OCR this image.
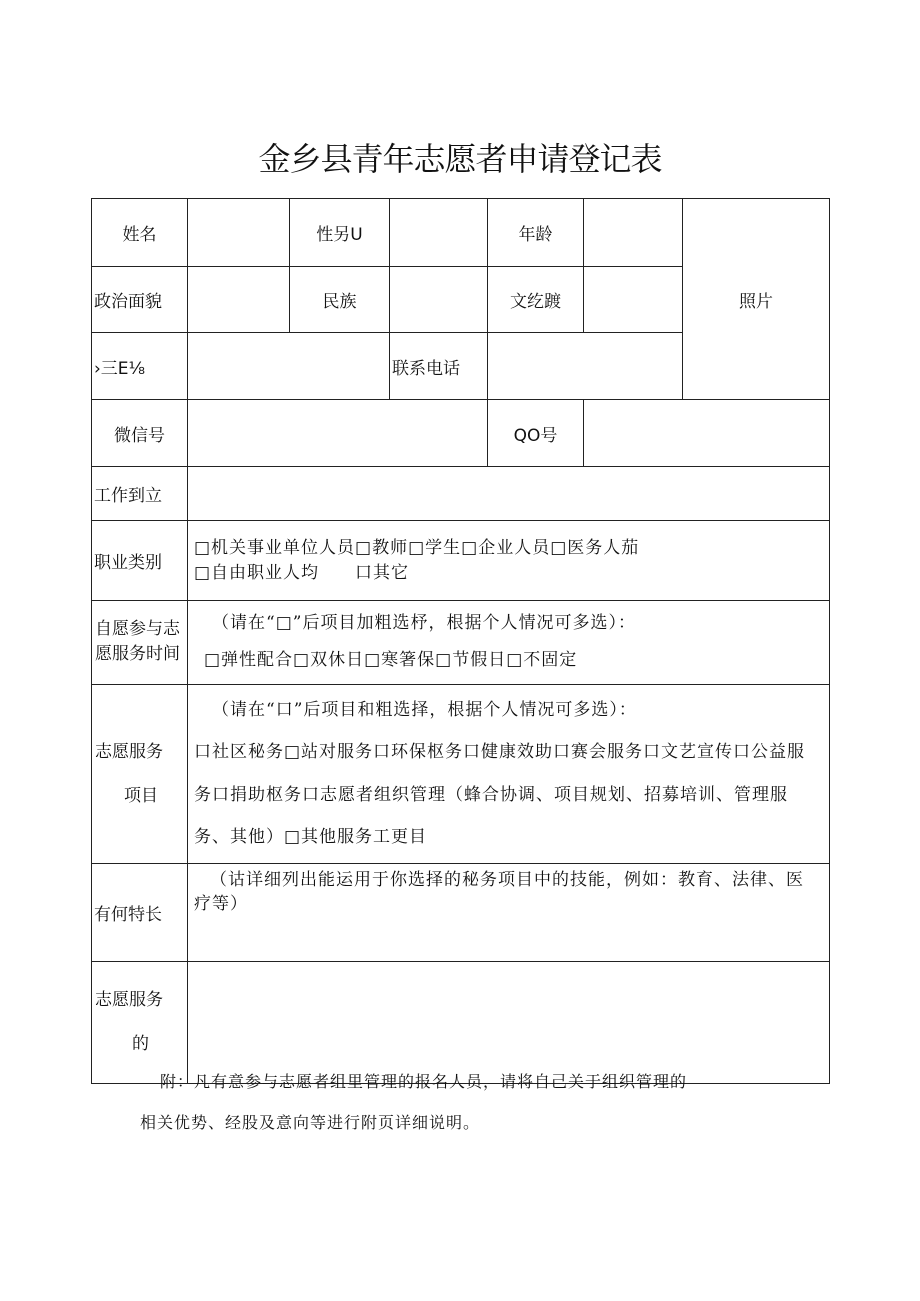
金乡县青年志愿者申请登记表
姓名		性另U		年龄		照片
政治面貌		民族		文纥踱		
›三E⅛			联系电话			
微信号				QO号		
工作到立						
职业类别	□机关事业单位人员□教师□学生□企业人员□医务人茄
□自由职业人均　　口其它					

自愿参与志
愿服务时间	（请在“□”后项目加粗选杼，根据个人情况可多选）：
□弹性配合□双休日□寒箸保□节假日□不固定					

志愿服务
项目	（请在“口”后项目和粗选择，根据个人情况可多选）：
口社区秘务□站对服务口环保枢务口健康效助口赛会服务口文艺宣传口公益服
务口捐助枢务口志愿者组织管理（蜂合协调、项目规划、招募培训、管理服
务、其他）□其他服务工更目					

有何特长	（诂详细列出能运用于你选择的秘务项目中的技能，例如：教育、法律、医
疗等）					

志愿服务
的						

附：凡有意参与志愿者组里管理的报名人员，请将自己关于组织管理的
相关优势、经股及意向等进行附页详细说明。
